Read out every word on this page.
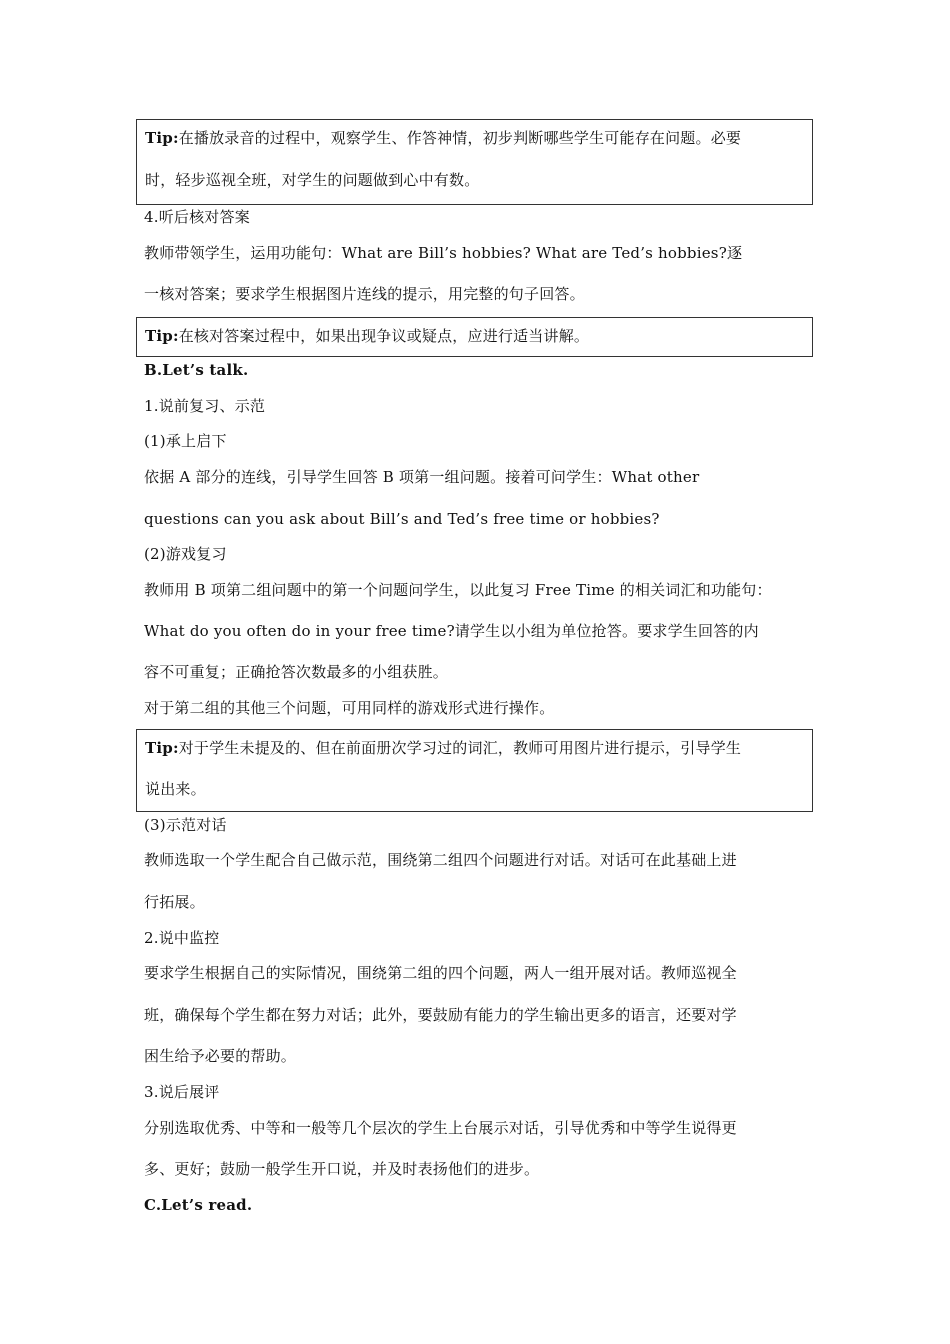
Tip:在播放录音的过程中，观察学生、作答神情，初步判断哪些学生可能存在问题。必要
时，轻步巡视全班，对学生的问题做到心中有数。
4.听后核对答案
教师带领学生，运用功能句：What are Bill’s hobbies? What are Ted’s hobbies?逐
一核对答案；要求学生根据图片连线的提示，用完整的句子回答。
Tip:在核对答案过程中，如果出现争议或疑点，应进行适当讲解。
B.Let’s talk.
1.说前复习、示范
(1)承上启下
依据 A 部分的连线，引导学生回答 B 项第一组问题。接着可问学生：What other
questions can you ask about Bill’s and Ted’s free time or hobbies?
(2)游戏复习
教师用 B 项第二组问题中的第一个问题问学生，以此复习 Free Time 的相关词汇和功能句：
What do you often do in your free time?请学生以小组为单位抢答。要求学生回答的内
容不可重复；正确抢答次数最多的小组获胜。
对于第二组的其他三个问题，可用同样的游戏形式进行操作。
Tip:对于学生未提及的、但在前面册次学习过的词汇，教师可用图片进行提示，引导学生
说出来。
(3)示范对话
教师选取一个学生配合自己做示范，围绕第二组四个问题进行对话。对话可在此基础上进
行拓展。
2.说中监控
要求学生根据自己的实际情况，围绕第二组的四个问题，两人一组开展对话。教师巡视全
班，确保每个学生都在努力对话；此外，要鼓励有能力的学生输出更多的语言，还要对学
困生给予必要的帮助。
3.说后展评
分别选取优秀、中等和一般等几个层次的学生上台展示对话，引导优秀和中等学生说得更
多、更好；鼓励一般学生开口说，并及时表扬他们的进步。
C.Let’s read.
